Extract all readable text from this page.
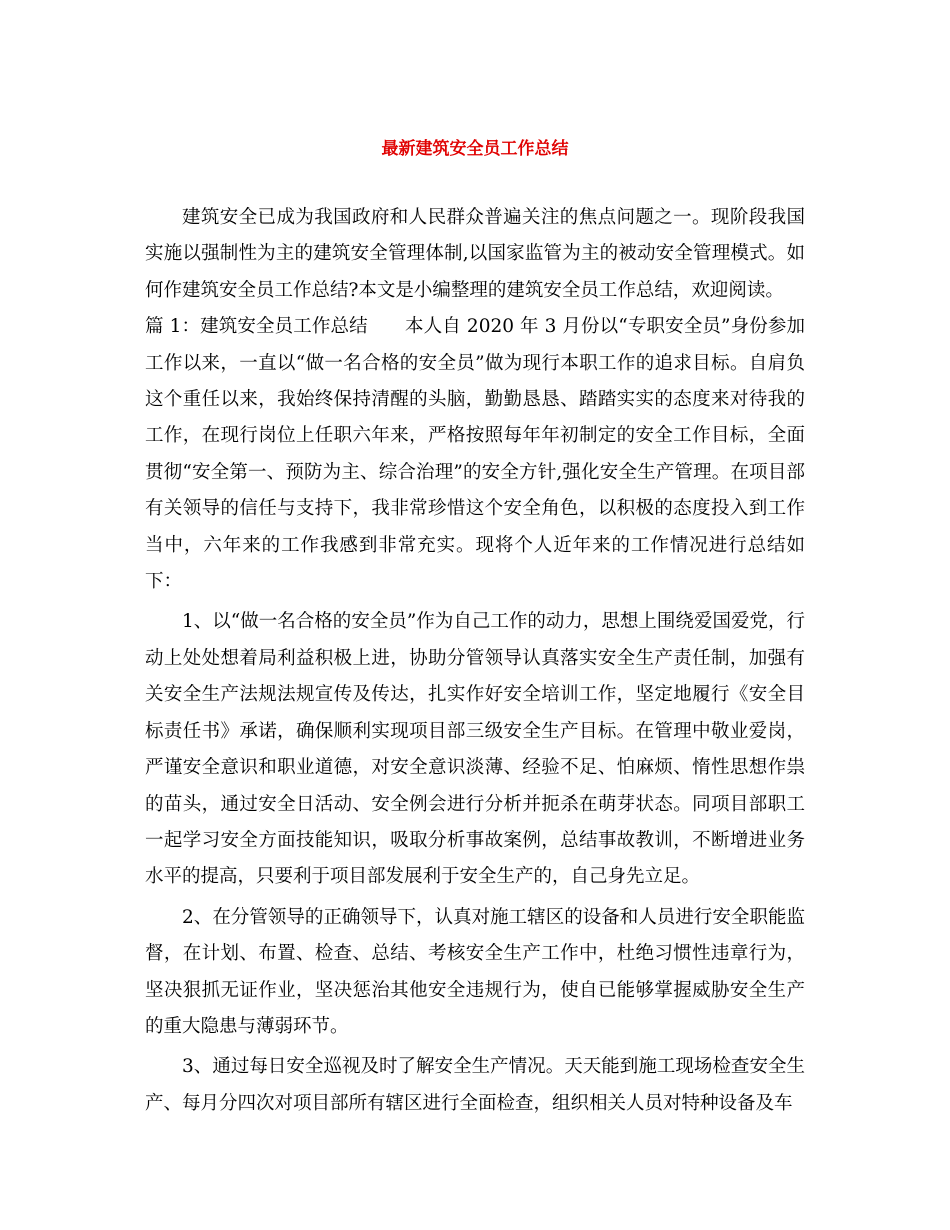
最新建筑安全员工作总结

建筑安全已成为我国政府和人民群众普遍关注的焦点问题之一。现阶段我国实施以强制性为主的建筑安全管理体制,以国家监管为主的被动安全管理模式。如何作建筑安全员工作总结?本文是小编整理的建筑安全员工作总结，欢迎阅读。

篇 1：建筑安全员工作总结　　本人自 2020 年 3 月份以“专职安全员”身份参加工作以来，一直以“做一名合格的安全员”做为现行本职工作的追求目标。自肩负这个重任以来，我始终保持清醒的头脑，勤勤恳恳、踏踏实实的态度来对待我的工作，在现行岗位上任职六年来，严格按照每年年初制定的安全工作目标，全面贯彻“安全第一、预防为主、综合治理”的安全方针,强化安全生产管理。在项目部有关领导的信任与支持下，我非常珍惜这个安全角色，以积极的态度投入到工作当中，六年来的工作我感到非常充实。现将个人近年来的工作情况进行总结如下：

1、以“做一名合格的安全员”作为自己工作的动力，思想上围绕爱国爱党，行动上处处想着局利益积极上进，协助分管领导认真落实安全生产责任制，加强有关安全生产法规法规宣传及传达，扎实作好安全培训工作，坚定地履行《安全目标责任书》承诺，确保顺利实现项目部三级安全生产目标。在管理中敬业爱岗，严谨安全意识和职业道德，对安全意识淡薄、经验不足、怕麻烦、惰性思想作祟的苗头，通过安全日活动、安全例会进行分析并扼杀在萌芽状态。同项目部职工一起学习安全方面技能知识，吸取分析事故案例，总结事故教训，不断增进业务水平的提高，只要利于项目部发展利于安全生产的，自己身先立足。

2、在分管领导的正确领导下，认真对施工辖区的设备和人员进行安全职能监督，在计划、布置、检查、总结、考核安全生产工作中，杜绝习惯性违章行为，坚决狠抓无证作业，坚决惩治其他安全违规行为，使自已能够掌握威胁安全生产的重大隐患与薄弱环节。

3、通过每日安全巡视及时了解安全生产情况。天天能到施工现场检查安全生产、每月分四次对项目部所有辖区进行全面检查，组织相关人员对特种设备及车
